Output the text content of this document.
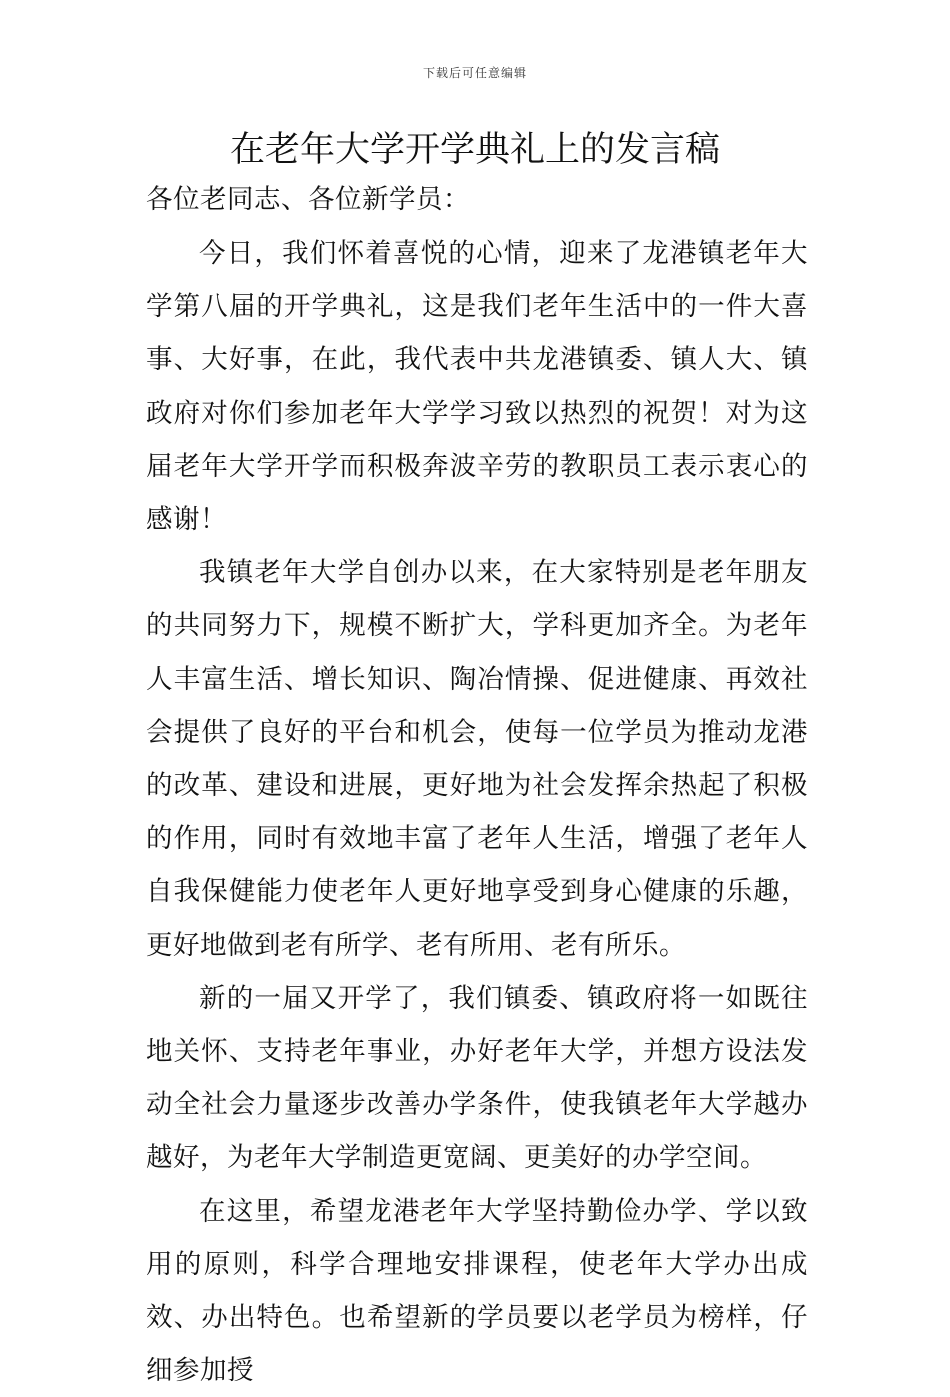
下载后可任意编辑
在老年大学开学典礼上的发言稿

各位老同志、各位新学员：

今日，我们怀着喜悦的心情，迎来了龙港镇老年大学第八届的开学典礼，这是我们老年生活中的一件大喜事、大好事，在此，我代表中共龙港镇委、镇人大、镇政府对你们参加老年大学学习致以热烈的祝贺！对为这届老年大学开学而积极奔波辛劳的教职员工表示衷心的感谢！

我镇老年大学自创办以来，在大家特别是老年朋友的共同努力下，规模不断扩大，学科更加齐全。为老年人丰富生活、增长知识、陶冶情操、促进健康、再效社会提供了良好的平台和机会，使每一位学员为推动龙港的改革、建设和进展，更好地为社会发挥余热起了积极的作用，同时有效地丰富了老年人生活，增强了老年人自我保健能力使老年人更好地享受到身心健康的乐趣，更好地做到老有所学、老有所用、老有所乐。

新的一届又开学了，我们镇委、镇政府将一如既往地关怀、支持老年事业，办好老年大学，并想方设法发动全社会力量逐步改善办学条件，使我镇老年大学越办越好，为老年大学制造更宽阔、更美好的办学空间。

在这里，希望龙港老年大学坚持勤俭办学、学以致用的原则，科学合理地安排课程，使老年大学办出成效、办出特色。也希望新的学员要以老学员为榜样，仔细参加授
